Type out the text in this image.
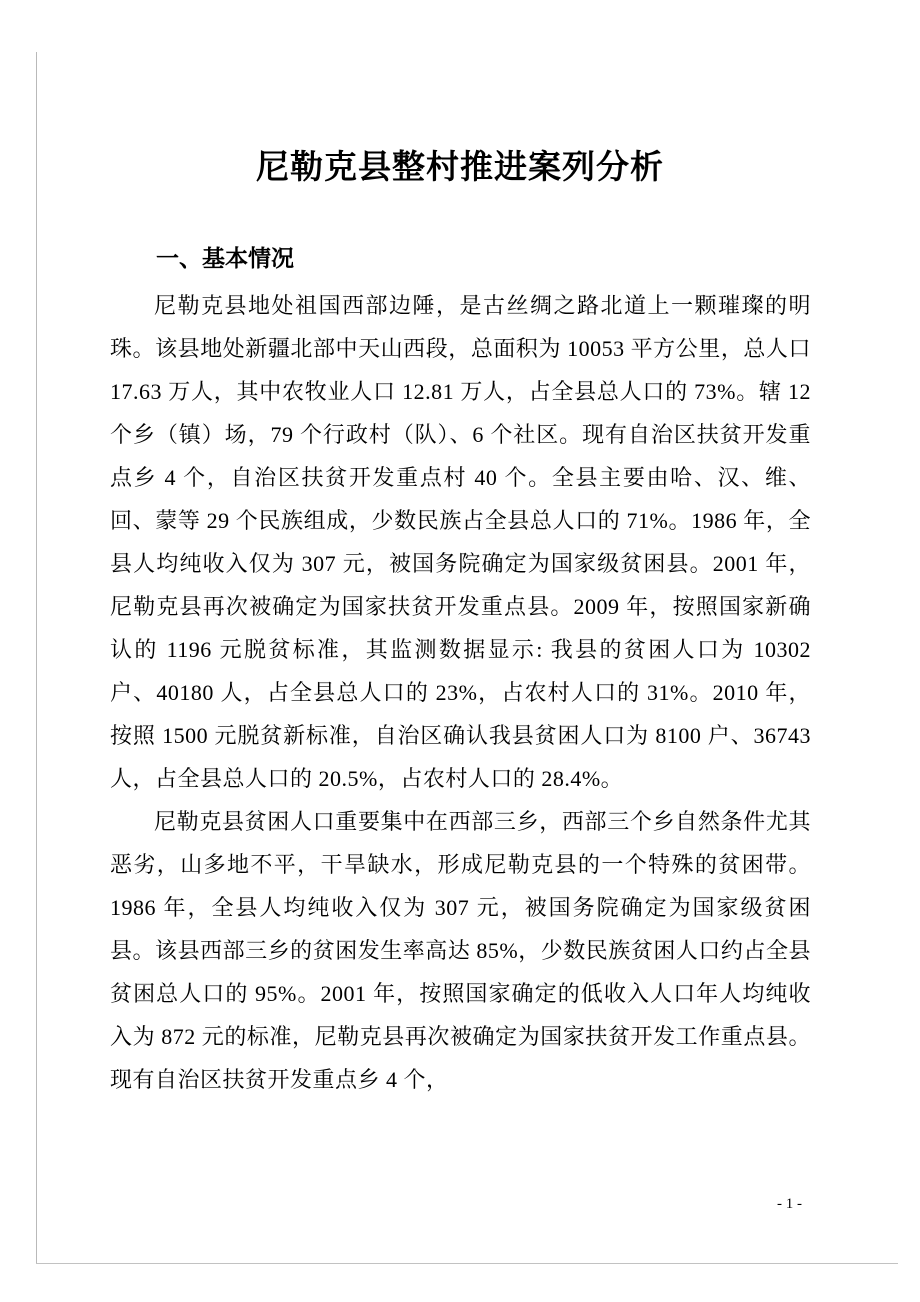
尼勒克县整村推进案列分析
一、基本情况

尼勒克县地处祖国西部边陲，是古丝绸之路北道上一颗璀璨的明珠。该县地处新疆北部中天山西段，总面积为 10053 平方公里，总人口 17.63 万人，其中农牧业人口 12.81 万人，占全县总人口的 73%。辖 12 个乡（镇）场，79 个行政村（队）、6 个社区。现有自治区扶贫开发重点乡 4 个，自治区扶贫开发重点村 40 个。全县主要由哈、汉、维、回、蒙等 29 个民族组成，少数民族占全县总人口的 71%。1986 年，全县人均纯收入仅为 307 元，被国务院确定为国家级贫困县。2001 年，尼勒克县再次被确定为国家扶贫开发重点县。2009 年，按照国家新确认的 1196 元脱贫标准，其监测数据显示: 我县的贫困人口为 10302 户、40180 人，占全县总人口的 23%，占农村人口的 31%。2010 年，按照 1500 元脱贫新标准，自治区确认我县贫困人口为 8100 户、36743 人，占全县总人口的 20.5%，占农村人口的 28.4%。

尼勒克县贫困人口重要集中在西部三乡，西部三个乡自然条件尤其恶劣，山多地不平，干旱缺水，形成尼勒克县的一个特殊的贫困带。1986 年，全县人均纯收入仅为 307 元，被国务院确定为国家级贫困县。该县西部三乡的贫困发生率高达 85%，少数民族贫困人口约占全县贫困总人口的 95%。2001 年，按照国家确定的低收入人口年人均纯收入为 872 元的标准，尼勒克县再次被确定为国家扶贫开发工作重点县。现有自治区扶贫开发重点乡 4 个，

- 1 -
